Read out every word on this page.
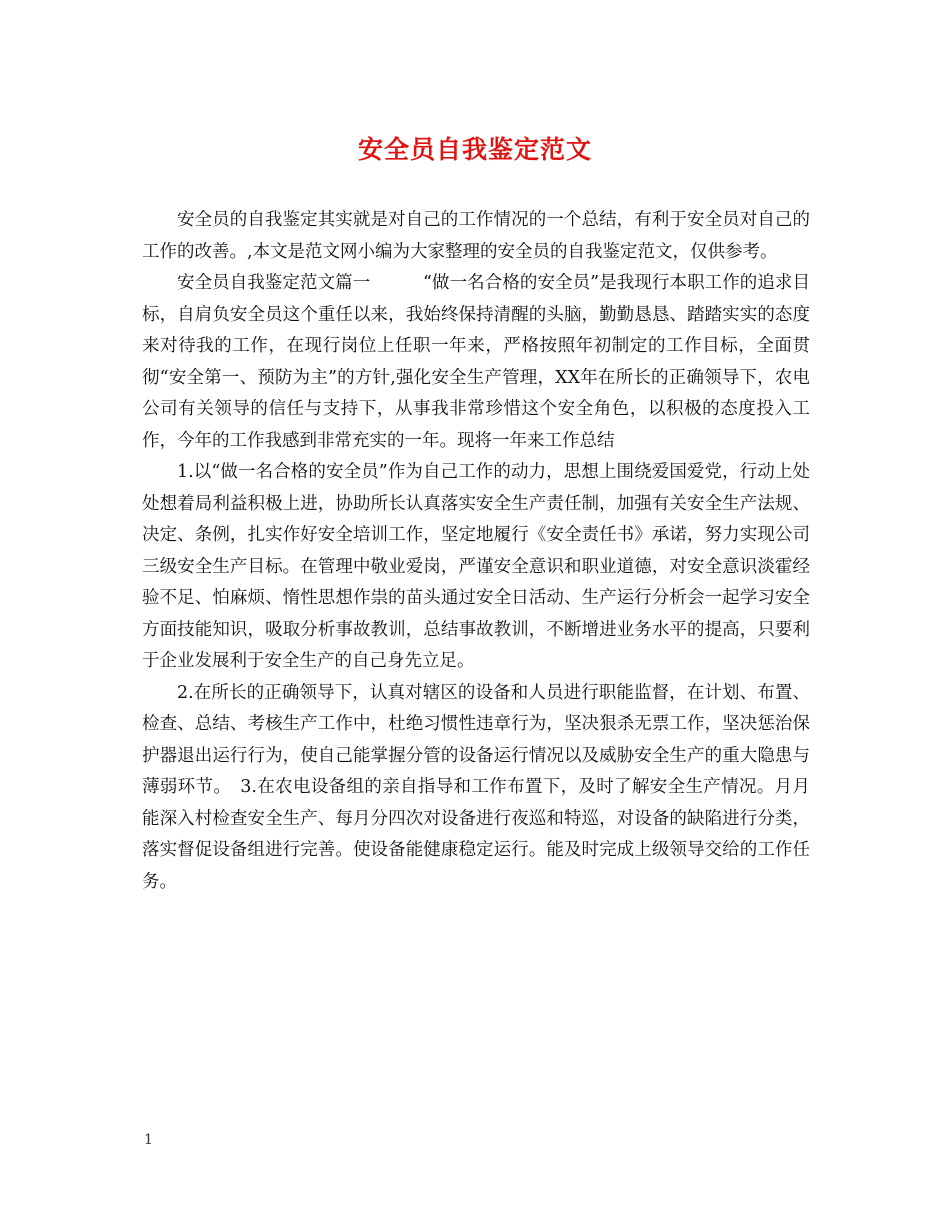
安全员自我鉴定范文

安全员的自我鉴定其实就是对自己的工作情况的一个总结，有利于安全员对自己的工作的改善。,本文是范文网小编为大家整理的安全员的自我鉴定范文，仅供参考。

安全员自我鉴定范文篇一　　　“做一名合格的安全员”是我现行本职工作的追求目标，自肩负安全员这个重任以来，我始终保持清醒的头脑，勤勤恳恳、踏踏实实的态度来对待我的工作，在现行岗位上任职一年来，严格按照年初制定的工作目标，全面贯彻“安全第一、预防为主”的方针,强化安全生产管理，XX年在所长的正确领导下，农电公司有关领导的信任与支持下，从事我非常珍惜这个安全角色，以积极的态度投入工作，今年的工作我感到非常充实的一年。现将一年来工作总结

1.以“做一名合格的安全员”作为自己工作的动力，思想上围绕爱国爱党，行动上处处想着局利益积极上进，协助所长认真落实安全生产责任制，加强有关安全生产法规、决定、条例，扎实作好安全培训工作，坚定地履行《安全责任书》承诺，努力实现公司三级安全生产目标。在管理中敬业爱岗，严谨安全意识和职业道德，对安全意识淡霍经验不足、怕麻烦、惰性思想作祟的苗头通过安全日活动、生产运行分析会一起学习安全方面技能知识，吸取分析事故教训，总结事故教训，不断增进业务水平的提高，只要利于企业发展利于安全生产的自己身先立足。

2.在所长的正确领导下，认真对辖区的设备和人员进行职能监督，在计划、布置、检查、总结、考核生产工作中，杜绝习惯性违章行为，坚决狠杀无票工作，坚决惩治保护器退出运行行为，使自己能掌握分管的设备运行情况以及威胁安全生产的重大隐患与薄弱环节。　3.在农电设备组的亲自指导和工作布置下，及时了解安全生产情况。月月能深入村检查安全生产、每月分四次对设备进行夜巡和特巡，对设备的缺陷进行分类，落实督促设备组进行完善。使设备能健康稳定运行。能及时完成上级领导交给的工作任务。

1
